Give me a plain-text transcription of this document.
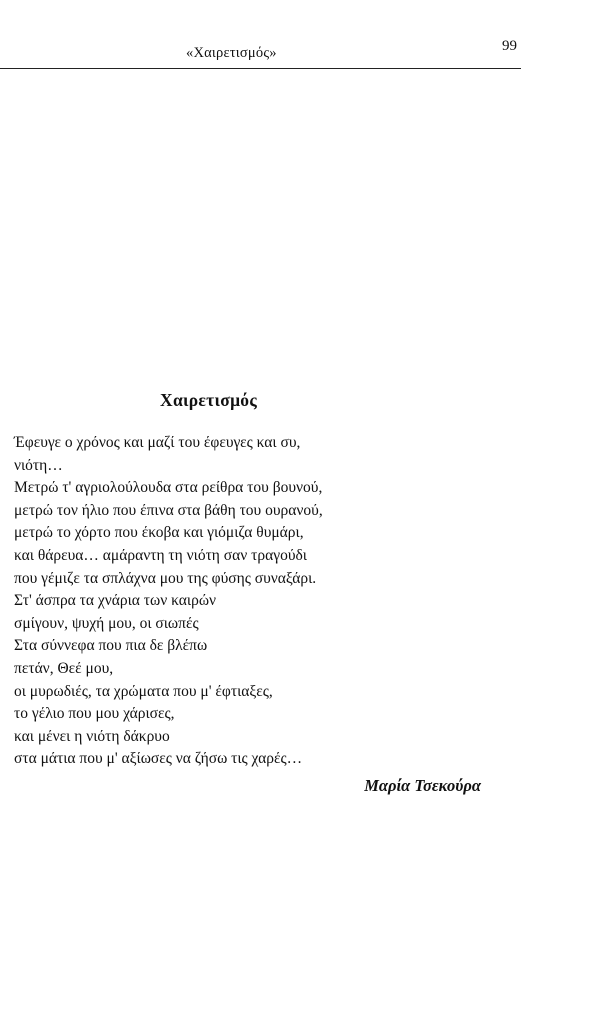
«Χαιρετισμός»	99
Χαιρετισμός
Έφευγε ο χρόνος και μαζί του έφευγες και συ,
νιότη…
Μετρώ τ' αγριολούλουδα στα ρείθρα του βουνού,
μετρώ τον ήλιο που έπινα στα βάθη του ουρανού,
μετρώ το χόρτο που έκοβα και γιόμιζα θυμάρι,
και θάρευα… αμάραντη τη νιότη σαν τραγούδι
που γέμιζε τα σπλάχνα μου της φύσης συναξάρι.
Στ' άσπρα τα χνάρια των καιρών
σμίγουν, ψυχή μου, οι σιωπές
Στα σύννεφα που πια δε βλέπω
πετάν, Θεέ μου,
οι μυρωδιές, τα χρώματα που μ' έφτιαξες,
το γέλιο που μου χάρισες,
και μένει η νιότη δάκρυο
στα μάτια που μ' αξίωσες να ζήσω τις χαρές…
Μαρία Τσεκούρα
